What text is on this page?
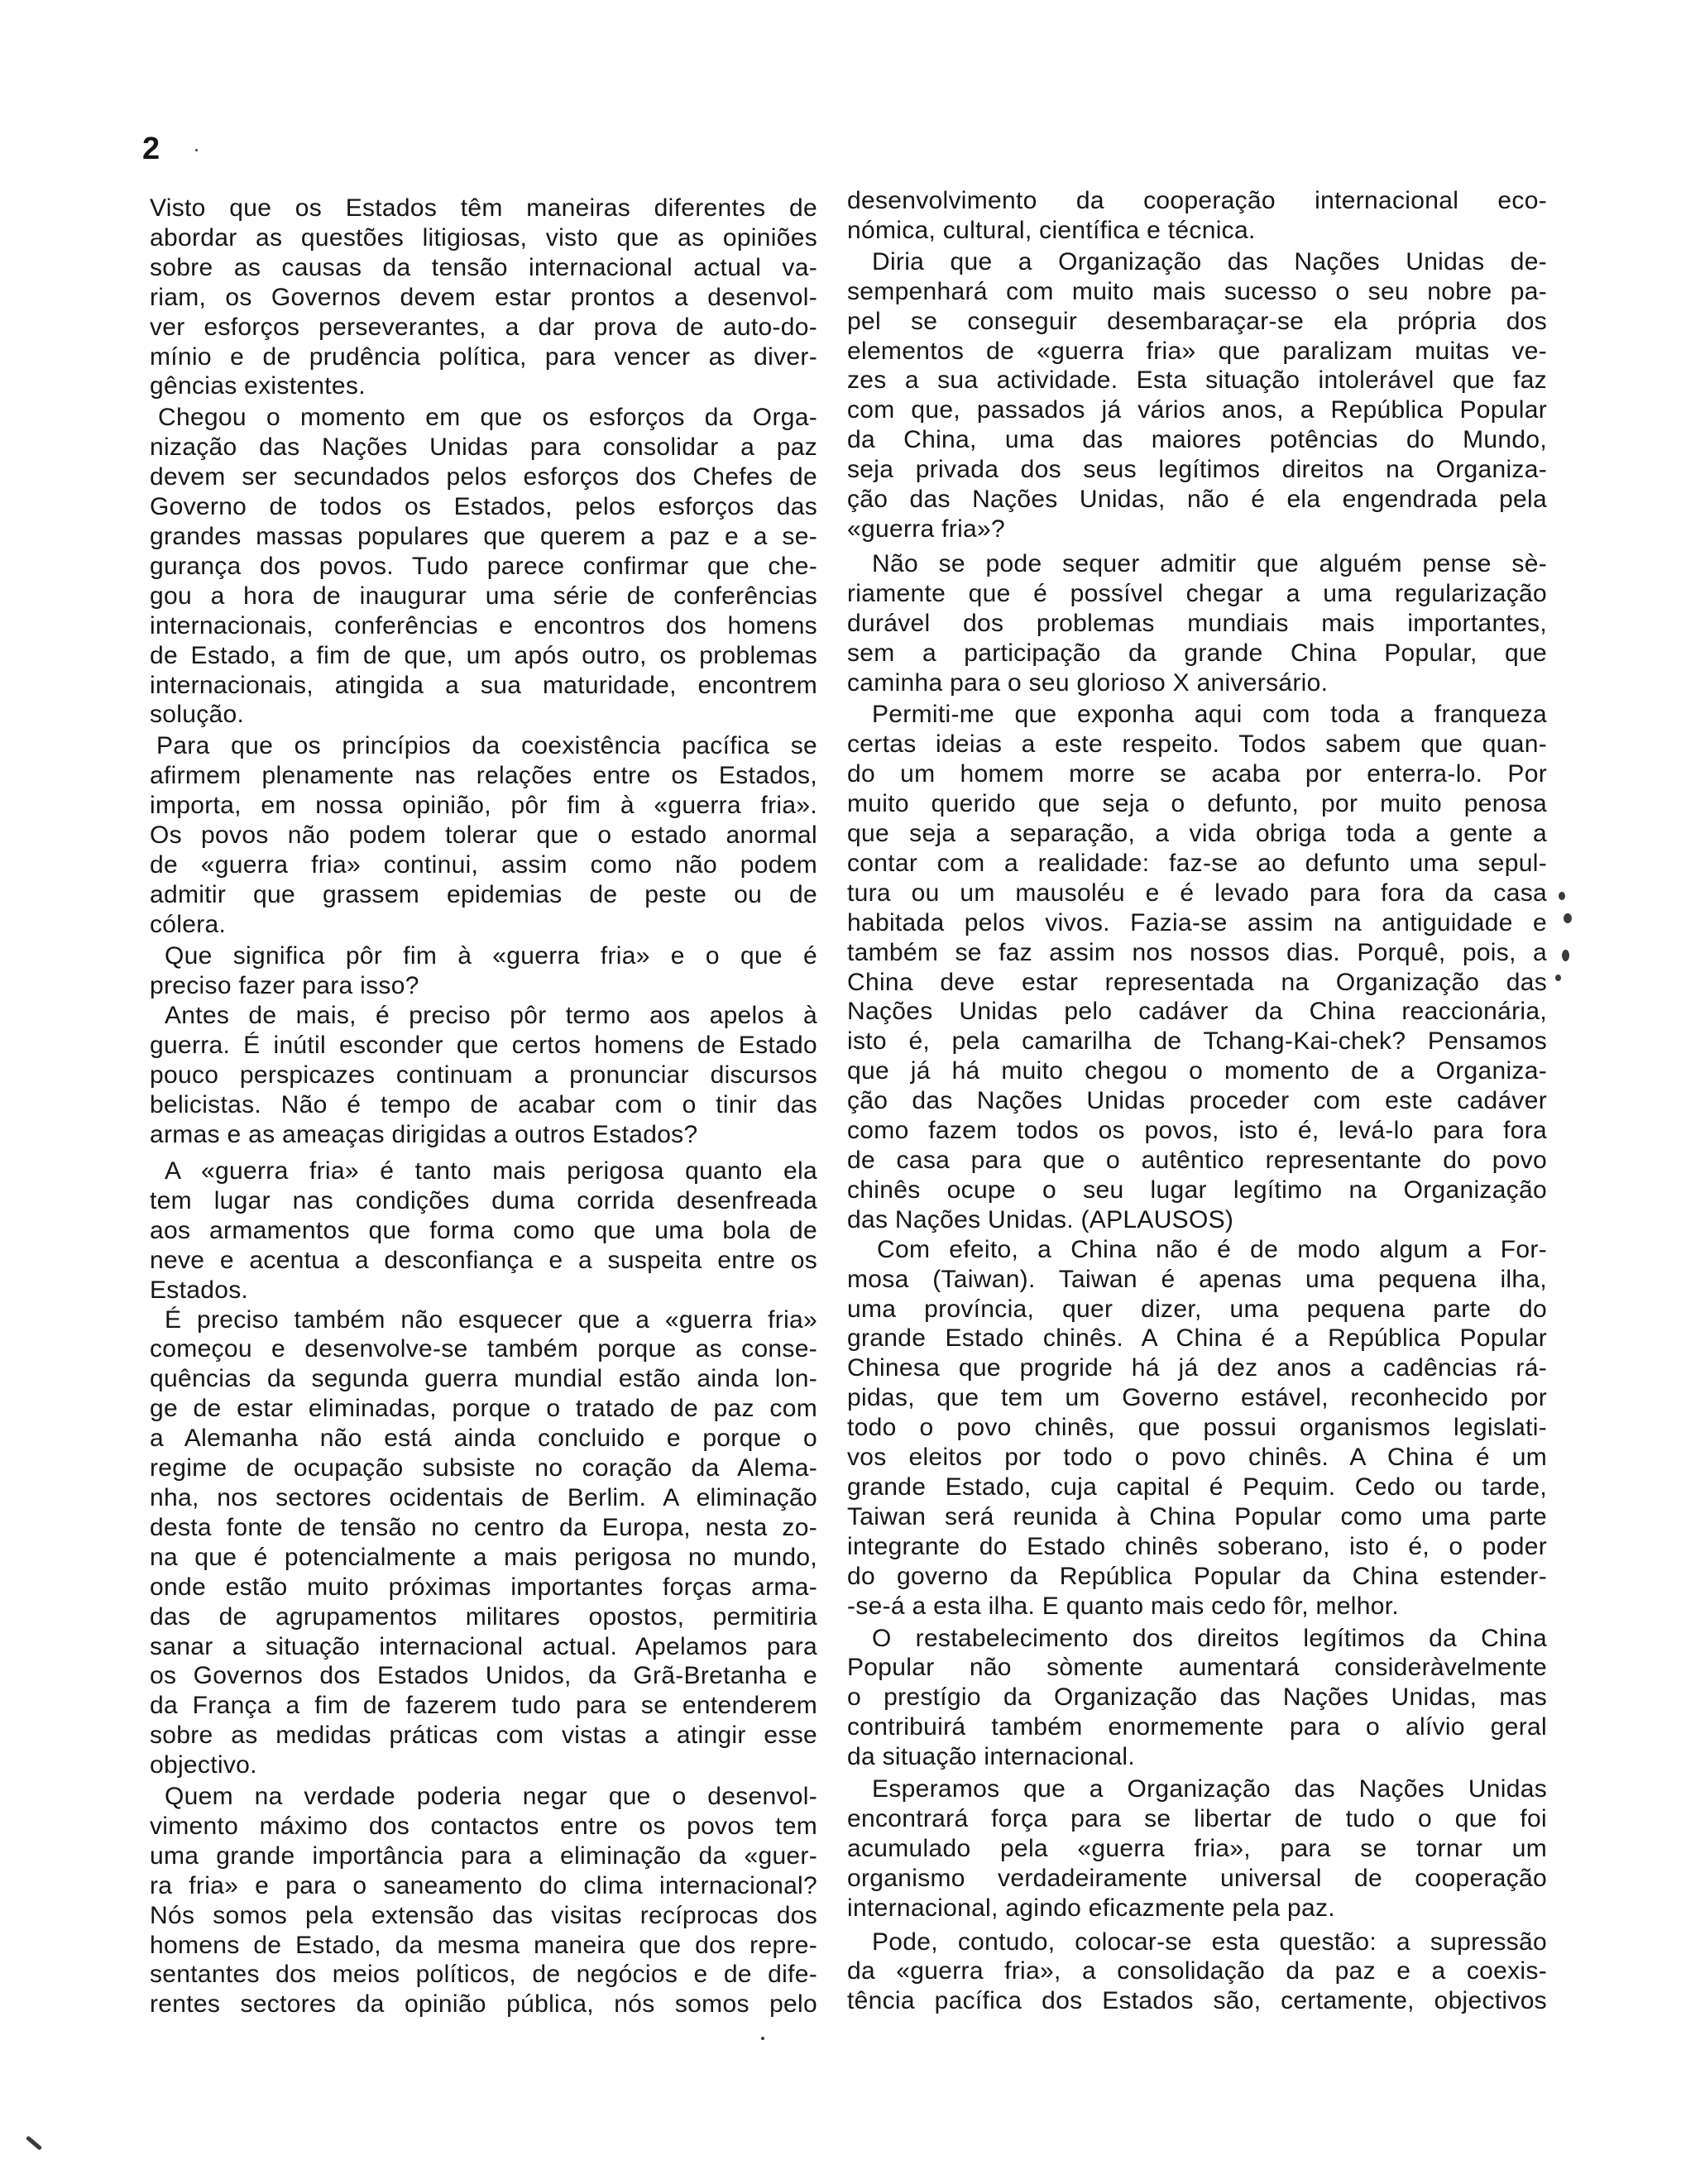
2
Visto que os Estados têm maneiras diferentes de
abordar as questões litigiosas, visto que as opiniões
sobre as causas da tensão internacional actual va-
riam, os Governos devem estar prontos a desenvol-
ver esforços perseverantes, a dar prova de auto-do-
mínio e de prudência política, para vencer as diver-
gências existentes.
Chegou o momento em que os esforços da Orga-
nização das Nações Unidas para consolidar a paz
devem ser secundados pelos esforços dos Chefes de
Governo de todos os Estados, pelos esforços das
grandes massas populares que querem a paz e a se-
gurança dos povos. Tudo parece confirmar que che-
gou a hora de inaugurar uma série de conferências
internacionais, conferências e encontros dos homens
de Estado, a fim de que, um após outro, os problemas
internacionais, atingida a sua maturidade, encontrem
solução.
Para que os princípios da coexistência pacífica se
afirmem plenamente nas relações entre os Estados,
importa, em nossa opinião, pôr fim à «guerra fria».
Os povos não podem tolerar que o estado anormal
de «guerra fria» continui, assim como não podem
admitir que grassem epidemias de peste ou de
cólera.
Que significa pôr fim à «guerra fria» e o que é
preciso fazer para isso?
Antes de mais, é preciso pôr termo aos apelos à
guerra. É inútil esconder que certos homens de Estado
pouco perspicazes continuam a pronunciar discursos
belicistas. Não é tempo de acabar com o tinir das
armas e as ameaças dirigidas a outros Estados?
A «guerra fria» é tanto mais perigosa quanto ela
tem lugar nas condições duma corrida desenfreada
aos armamentos que forma como que uma bola de
neve e acentua a desconfiança e a suspeita entre os
Estados.
É preciso também não esquecer que a «guerra fria»
começou e desenvolve-se também porque as conse-
quências da segunda guerra mundial estão ainda lon-
ge de estar eliminadas, porque o tratado de paz com
a Alemanha não está ainda concluido e porque o
regime de ocupação subsiste no coração da Alema-
nha, nos sectores ocidentais de Berlim. A eliminação
desta fonte de tensão no centro da Europa, nesta zo-
na que é potencialmente a mais perigosa no mundo,
onde estão muito próximas importantes forças arma-
das de agrupamentos militares opostos, permitiria
sanar a situação internacional actual. Apelamos para
os Governos dos Estados Unidos, da Grã-Bretanha e
da França a fim de fazerem tudo para se entenderem
sobre as medidas práticas com vistas a atingir esse
objectivo.
Quem na verdade poderia negar que o desenvol-
vimento máximo dos contactos entre os povos tem
uma grande importância para a eliminação da «guer-
ra fria» e para o saneamento do clima internacional?
Nós somos pela extensão das visitas recíprocas dos
homens de Estado, da mesma maneira que dos repre-
sentantes dos meios políticos, de negócios e de dife-
rentes sectores da opinião pública, nós somos pelo
desenvolvimento da cooperação internacional eco-
nómica, cultural, científica e técnica.
Diria que a Organização das Nações Unidas de-
sempenhará com muito mais sucesso o seu nobre pa-
pel se conseguir desembaraçar-se ela própria dos
elementos de «guerra fria» que paralizam muitas ve-
zes a sua actividade. Esta situação intolerável que faz
com que, passados já vários anos, a República Popular
da China, uma das maiores potências do Mundo,
seja privada dos seus legítimos direitos na Organiza-
ção das Nações Unidas, não é ela engendrada pela
«guerra fria»?
Não se pode sequer admitir que alguém pense sè-
riamente que é possível chegar a uma regularização
durável dos problemas mundiais mais importantes,
sem a participação da grande China Popular, que
caminha para o seu glorioso X aniversário.
Permiti-me que exponha aqui com toda a franqueza
certas ideias a este respeito. Todos sabem que quan-
do um homem morre se acaba por enterra-lo. Por
muito querido que seja o defunto, por muito penosa
que seja a separação, a vida obriga toda a gente a
contar com a realidade: faz-se ao defunto uma sepul-
tura ou um mausoléu e é levado para fora da casa
habitada pelos vivos. Fazia-se assim na antiguidade e
também se faz assim nos nossos dias. Porquê, pois, a
China deve estar representada na Organização das
Nações Unidas pelo cadáver da China reaccionária,
isto é, pela camarilha de Tchang-Kai-chek? Pensamos
que já há muito chegou o momento de a Organiza-
ção das Nações Unidas proceder com este cadáver
como fazem todos os povos, isto é, levá-lo para fora
de casa para que o autêntico representante do povo
chinês ocupe o seu lugar legítimo na Organização
das Nações Unidas. (APLAUSOS)
Com efeito, a China não é de modo algum a For-
mosa (Taiwan). Taiwan é apenas uma pequena ilha,
uma província, quer dizer, uma pequena parte do
grande Estado chinês. A China é a República Popular
Chinesa que progride há já dez anos a cadências rá-
pidas, que tem um Governo estável, reconhecido por
todo o povo chinês, que possui organismos legislati-
vos eleitos por todo o povo chinês. A China é um
grande Estado, cuja capital é Pequim. Cedo ou tarde,
Taiwan será reunida à China Popular como uma parte
integrante do Estado chinês soberano, isto é, o poder
do governo da República Popular da China estender-
-se-á a esta ilha. E quanto mais cedo fôr, melhor.
O restabelecimento dos direitos legítimos da China
Popular não sòmente aumentará consideràvelmente
o prestígio da Organização das Nações Unidas, mas
contribuirá também enormemente para o alívio geral
da situação internacional.
Esperamos que a Organização das Nações Unidas
encontrará força para se libertar de tudo o que foi
acumulado pela «guerra fria», para se tornar um
organismo verdadeiramente universal de cooperação
internacional, agindo eficazmente pela paz.
Pode, contudo, colocar-se esta questão: a supressão
da «guerra fria», a consolidação da paz e a coexis-
tência pacífica dos Estados são, certamente, objectivos
